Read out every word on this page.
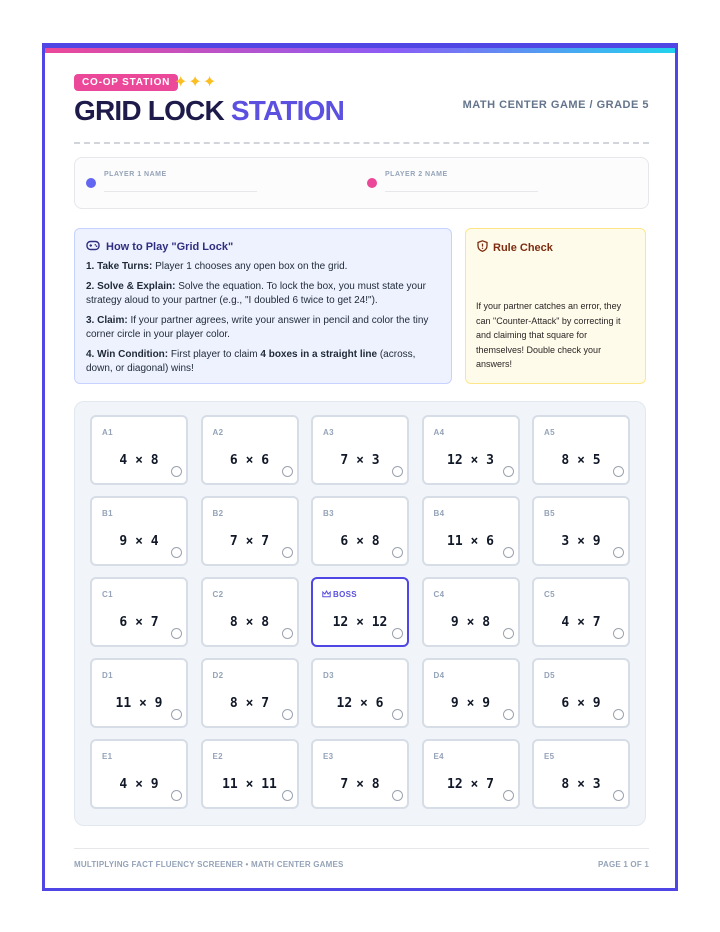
CO-OP STATION ✦✦✦
GRID LOCK STATION	MATH CENTER GAME / GRADE 5
PLAYER 1 NAME	PLAYER 2 NAME
How to Play "Grid Lock"

1. Take Turns: Player 1 chooses any open box on the grid.

2. Solve & Explain: Solve the equation. To lock the box, you must state your strategy aloud to your partner (e.g., "I doubled 6 twice to get 24!").

3. Claim: If your partner agrees, write your answer in pencil and color the tiny corner circle in your player color.

4. Win Condition: First player to claim 4 boxes in a straight line (across, down, or diagonal) wins!

Rule Check
If your partner catches an error, they can "Counter-Attack" by correcting it and claiming that square for themselves! Double check your answers!
A1
4 × 8
A2
6 × 6
A3
7 × 3
A4
12 × 3
A5
8 × 5
B1
9 × 4
B2
7 × 7
B3
6 × 8
B4
11 × 6
B5
3 × 9
C1
6 × 7
C2
8 × 8
BOSS
12 × 12
C4
9 × 8
C5
4 × 7
D1
11 × 9
D2
8 × 7
D3
12 × 6
D4
9 × 9
D5
6 × 9
E1
4 × 9
E2
11 × 11
E3
7 × 8
E4
12 × 7
E5
8 × 3
MULTIPLYING FACT FLUENCY SCREENER • MATH CENTER GAMES	PAGE 1 OF 1
